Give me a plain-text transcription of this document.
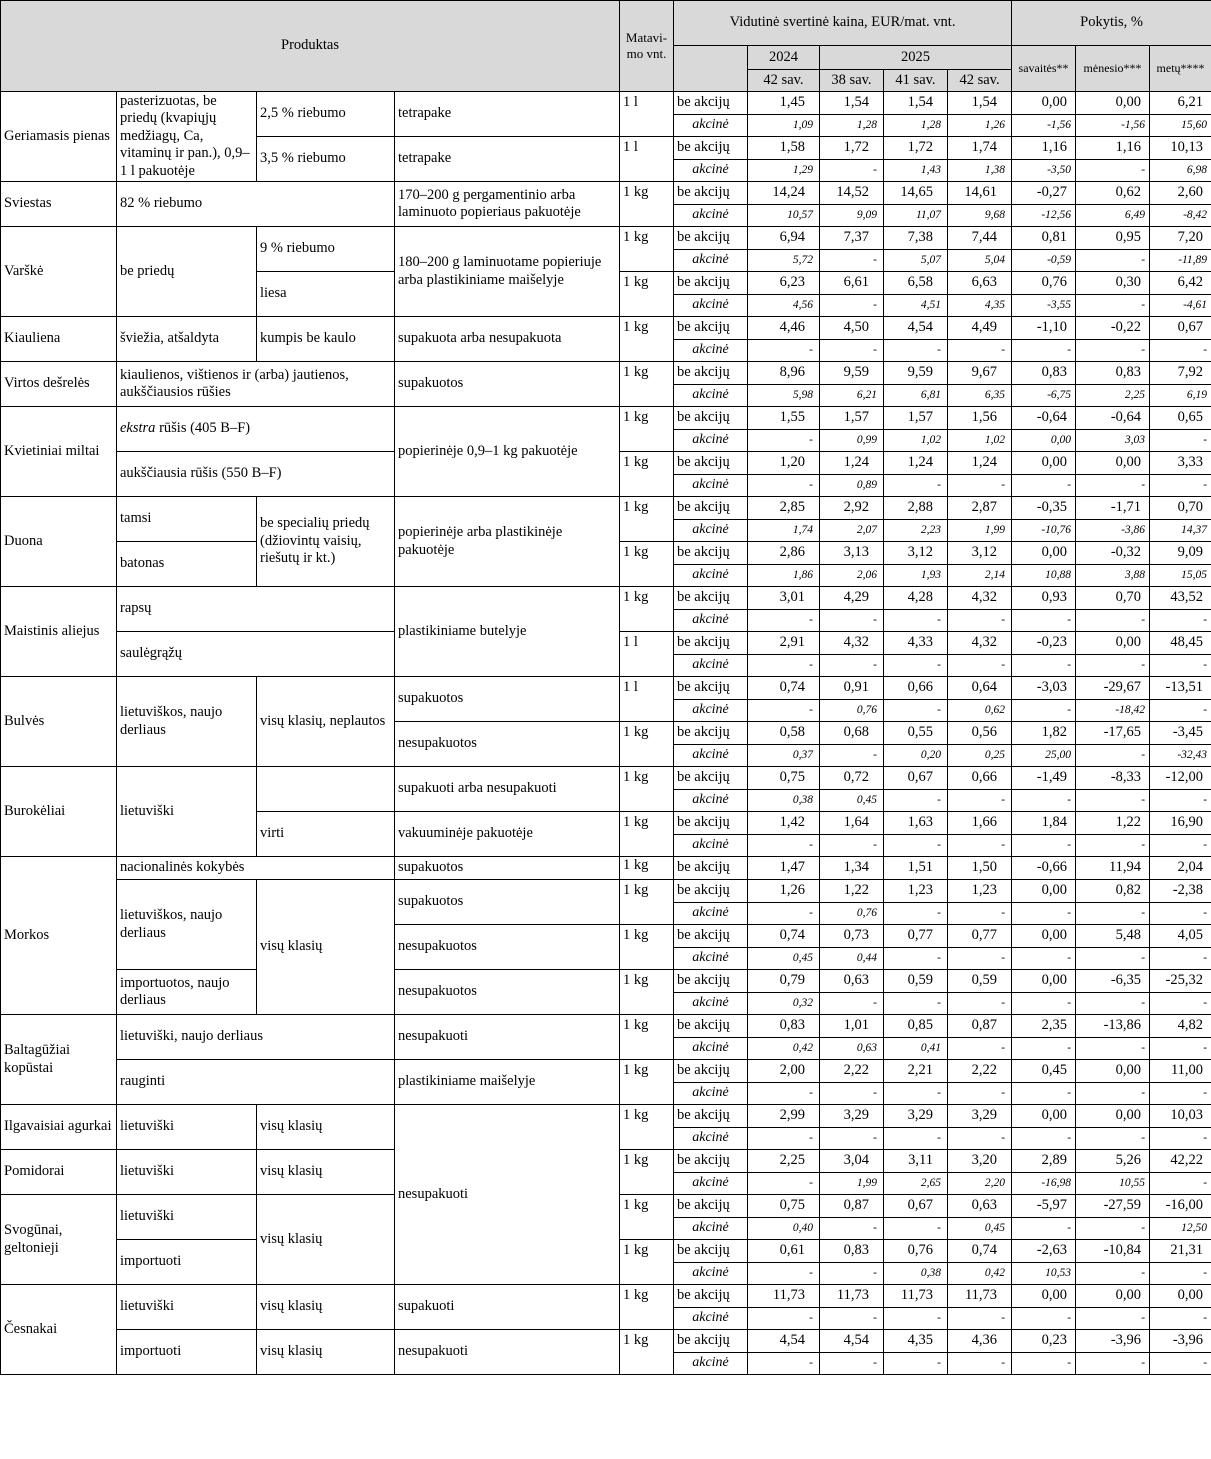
Produktas				Matavi-mo vnt.	Vidutinė svertinė kaina, EUR/mat. vnt.					Pokytis, %		
						2024	2025			savaitės**	mėnesio***	metų****
						42 sav.	38 sav.	41 sav.	42 sav.			
Geriamasis pienas	pasterizuotas, be priedų (kvapiųjų medžiagų, Ca, vitaminų ir pan.), 0,9–1 l pakuotėje	2,5 % riebumo	tetrapake	1 l	be akcijų	1,45	1,54	1,54	1,54	0,00	0,00	6,21
					akcinė	1,09	1,28	1,28	1,26	-1,56	-1,56	15,60
		3,5 % riebumo	tetrapake	1 l	be akcijų	1,58	1,72	1,72	1,74	1,16	1,16	10,13
					akcinė	1,29	-	1,43	1,38	-3,50	-	6,98
Sviestas	82 % riebumo		170–200 g pergamentinio arba laminuoto popieriaus pakuotėje	1 kg	be akcijų	14,24	14,52	14,65	14,61	-0,27	0,62	2,60
					akcinė	10,57	9,09	11,07	9,68	-12,56	6,49	-8,42
Varškė	be priedų	9 % riebumo	180–200 g laminuotame popieriuje arba plastikiniame maišelyje	1 kg	be akcijų	6,94	7,37	7,38	7,44	0,81	0,95	7,20
					akcinė	5,72	-	5,07	5,04	-0,59	-	-11,89
		liesa		1 kg	be akcijų	6,23	6,61	6,58	6,63	0,76	0,30	6,42
					akcinė	4,56	-	4,51	4,35	-3,55	-	-4,61
Kiauliena	šviežia, atšaldyta	kumpis be kaulo	supakuota arba nesupakuota	1 kg	be akcijų	4,46	4,50	4,54	4,49	-1,10	-0,22	0,67
					akcinė	-	-	-	-	-	-	-
Virtos dešrelės	kiaulienos, vištienos ir (arba) jautienos, aukščiausios rūšies		supakuotos	1 kg	be akcijų	8,96	9,59	9,59	9,67	0,83	0,83	7,92
					akcinė	5,98	6,21	6,81	6,35	-6,75	2,25	6,19
Kvietiniai miltai	ekstra rūšis (405 B–F)		popierinėje 0,9–1 kg pakuotėje	1 kg	be akcijų	1,55	1,57	1,57	1,56	-0,64	-0,64	0,65
					akcinė	-	0,99	1,02	1,02	0,00	3,03	-
	aukščiausia rūšis (550 B–F)			1 kg	be akcijų	1,20	1,24	1,24	1,24	0,00	0,00	3,33
					akcinė	-	0,89	-	-	-	-	-
Duona	tamsi	be specialių priedų (džiovintų vaisių, riešutų ir kt.)	popierinėje arba plastikinėje pakuotėje	1 kg	be akcijų	2,85	2,92	2,88	2,87	-0,35	-1,71	0,70
					akcinė	1,74	2,07	2,23	1,99	-10,76	-3,86	14,37
	batonas			1 kg	be akcijų	2,86	3,13	3,12	3,12	0,00	-0,32	9,09
					akcinė	1,86	2,06	1,93	2,14	10,88	3,88	15,05
Maistinis aliejus	rapsų		plastikiniame butelyje	1 kg	be akcijų	3,01	4,29	4,28	4,32	0,93	0,70	43,52
					akcinė	-	-	-	-	-	-	-
	saulėgrąžų			1 l	be akcijų	2,91	4,32	4,33	4,32	-0,23	0,00	48,45
					akcinė	-	-	-	-	-	-	-
Bulvės	lietuviškos, naujo derliaus	visų klasių, neplautos	supakuotos	1 l	be akcijų	0,74	0,91	0,66	0,64	-3,03	-29,67	-13,51
					akcinė	-	0,76	-	0,62	-	-18,42	-
			nesupakuotos	1 kg	be akcijų	0,58	0,68	0,55	0,56	1,82	-17,65	-3,45
					akcinė	0,37	-	0,20	0,25	25,00	-	-32,43
Burokėliai	lietuviški		supakuoti arba nesupakuoti	1 kg	be akcijų	0,75	0,72	0,67	0,66	-1,49	-8,33	-12,00
					akcinė	0,38	0,45	-	-	-	-	-
		virti	vakuuminėje pakuotėje	1 kg	be akcijų	1,42	1,64	1,63	1,66	1,84	1,22	16,90
					akcinė	-	-	-	-	-	-	-
Morkos	nacionalinės kokybės		supakuotos	1 kg	be akcijų	1,47	1,34	1,51	1,50	-0,66	11,94	2,04
	lietuviškos, naujo derliaus	visų klasių	supakuotos	1 kg	be akcijų	1,26	1,22	1,23	1,23	0,00	0,82	-2,38
					akcinė	-	0,76	-	-	-	-	-
			nesupakuotos	1 kg	be akcijų	0,74	0,73	0,77	0,77	0,00	5,48	4,05
					akcinė	0,45	0,44	-	-	-	-	-
	importuotos, naujo derliaus		nesupakuotos	1 kg	be akcijų	0,79	0,63	0,59	0,59	0,00	-6,35	-25,32
					akcinė	0,32	-	-	-	-	-	-
Baltagūžiai kopūstai	lietuviški, naujo derliaus		nesupakuoti	1 kg	be akcijų	0,83	1,01	0,85	0,87	2,35	-13,86	4,82
					akcinė	0,42	0,63	0,41	-	-	-	-
	rauginti		plastikiniame maišelyje	1 kg	be akcijų	2,00	2,22	2,21	2,22	0,45	0,00	11,00
					akcinė	-	-	-	-	-	-	-
Ilgavaisiai agurkai	lietuviški	visų klasių	nesupakuoti	1 kg	be akcijų	2,99	3,29	3,29	3,29	0,00	0,00	10,03
					akcinė	-	-	-	-	-	-	-
Pomidorai	lietuviški	visų klasių		1 kg	be akcijų	2,25	3,04	3,11	3,20	2,89	5,26	42,22
					akcinė	-	1,99	2,65	2,20	-16,98	10,55	-
Svogūnai, geltonieji	lietuviški	visų klasių		1 kg	be akcijų	0,75	0,87	0,67	0,63	-5,97	-27,59	-16,00
					akcinė	0,40	-	-	0,45	-	-	12,50
	importuoti			1 kg	be akcijų	0,61	0,83	0,76	0,74	-2,63	-10,84	21,31
					akcinė	-	-	0,38	0,42	10,53	-	-
Česnakai	lietuviški	visų klasių	supakuoti	1 kg	be akcijų	11,73	11,73	11,73	11,73	0,00	0,00	0,00
					akcinė	-	-	-	-	-	-	-
	importuoti	visų klasių	nesupakuoti	1 kg	be akcijų	4,54	4,54	4,35	4,36	0,23	-3,96	-3,96
					akcinė	-	-	-	-	-	-	-
